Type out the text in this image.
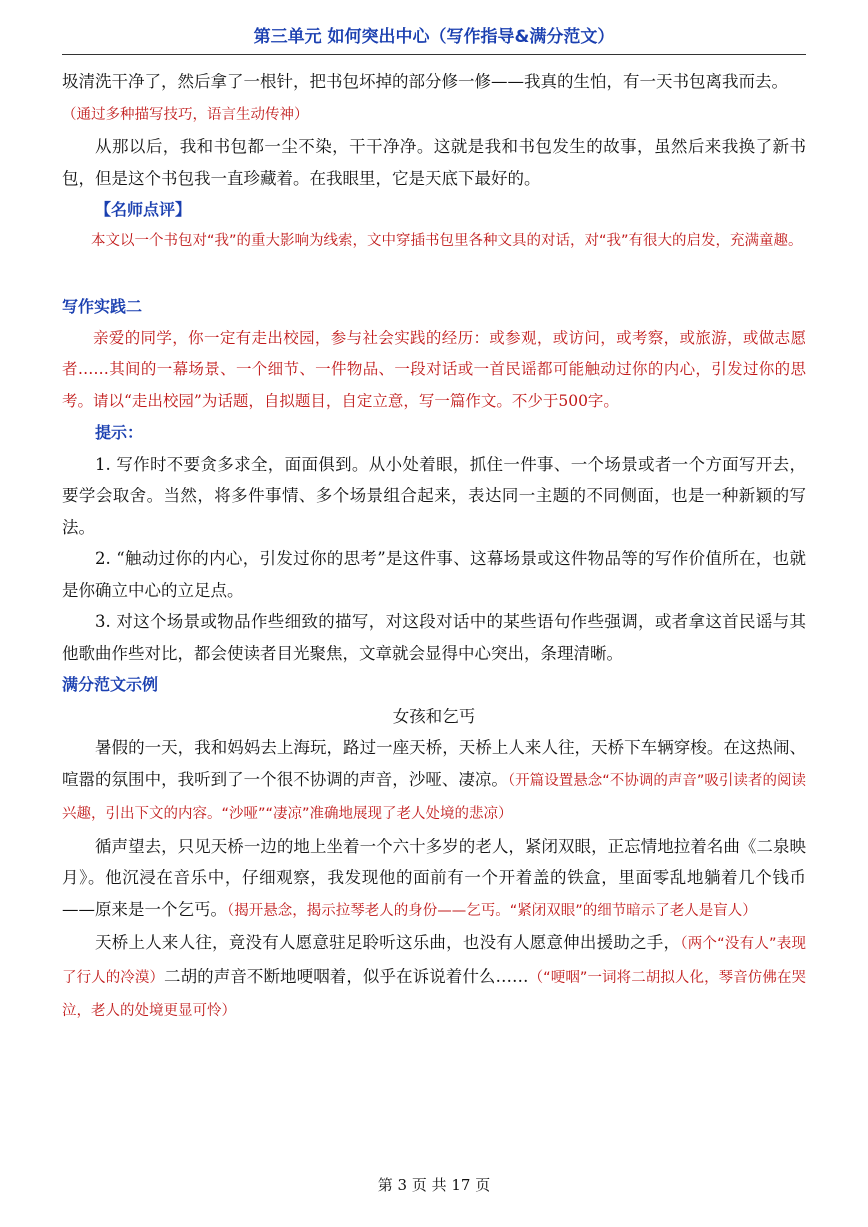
第三单元 如何突出中心（写作指导&满分范文）

圾清洗干净了，然后拿了一根针，把书包坏掉的部分修一修——我真的生怕，有一天书包离我而去。

（通过多种描写技巧，语言生动传神）

从那以后，我和书包都一尘不染，干干净净。这就是我和书包发生的故事，虽然后来我换了新书包，但是这个书包我一直珍藏着。在我眼里，它是天底下最好的。

【名师点评】

本文以一个书包对“我”的重大影响为线索，文中穿插书包里各种文具的对话，对“我”有很大的启发，充满童趣。

写作实践二

亲爱的同学，你一定有走出校园，参与社会实践的经历：或参观，或访问，或考察，或旅游，或做志愿者……其间的一幕场景、一个细节、一件物品、一段对话或一首民谣都可能触动过你的内心，引发过你的思考。请以“走出校园”为话题，自拟题目，自定立意，写一篇作文。不少于500字。

提示：

1. 写作时不要贪多求全，面面俱到。从小处着眼，抓住一件事、一个场景或者一个方面写开去，要学会取舍。当然，将多件事情、多个场景组合起来，表达同一主题的不同侧面，也是一种新颖的写法。

2. “触动过你的内心，引发过你的思考”是这件事、这幕场景或这件物品等的写作价值所在，也就是你确立中心的立足点。

3. 对这个场景或物品作些细致的描写，对这段对话中的某些语句作些强调，或者拿这首民谣与其他歌曲作些对比，都会使读者目光聚焦，文章就会显得中心突出，条理清晰。

满分范文示例

女孩和乞丐

暑假的一天，我和妈妈去上海玩，路过一座天桥，天桥上人来人往，天桥下车辆穿梭。在这热闹、喧嚣的氛围中，我听到了一个很不协调的声音，沙哑、凄凉。（开篇设置悬念“不协调的声音”吸引读者的阅读兴趣，引出下文的内容。“沙哑”“凄凉”准确地展现了老人处境的悲凉）

循声望去，只见天桥一边的地上坐着一个六十多岁的老人，紧闭双眼，正忘情地拉着名曲《二泉映月》。他沉浸在音乐中，仔细观察，我发现他的面前有一个开着盖的铁盒，里面零乱地躺着几个钱币——原来是一个乞丐。（揭开悬念，揭示拉琴老人的身份——乞丐。“紧闭双眼”的细节暗示了老人是盲人）

天桥上人来人往，竟没有人愿意驻足聆听这乐曲，也没有人愿意伸出援助之手，（两个“没有人”表现了行人的冷漠）二胡的声音不断地哽咽着，似乎在诉说着什么……（“哽咽”一词将二胡拟人化，琴音仿佛在哭泣，老人的处境更显可怜）

第 3 页 共 17 页
